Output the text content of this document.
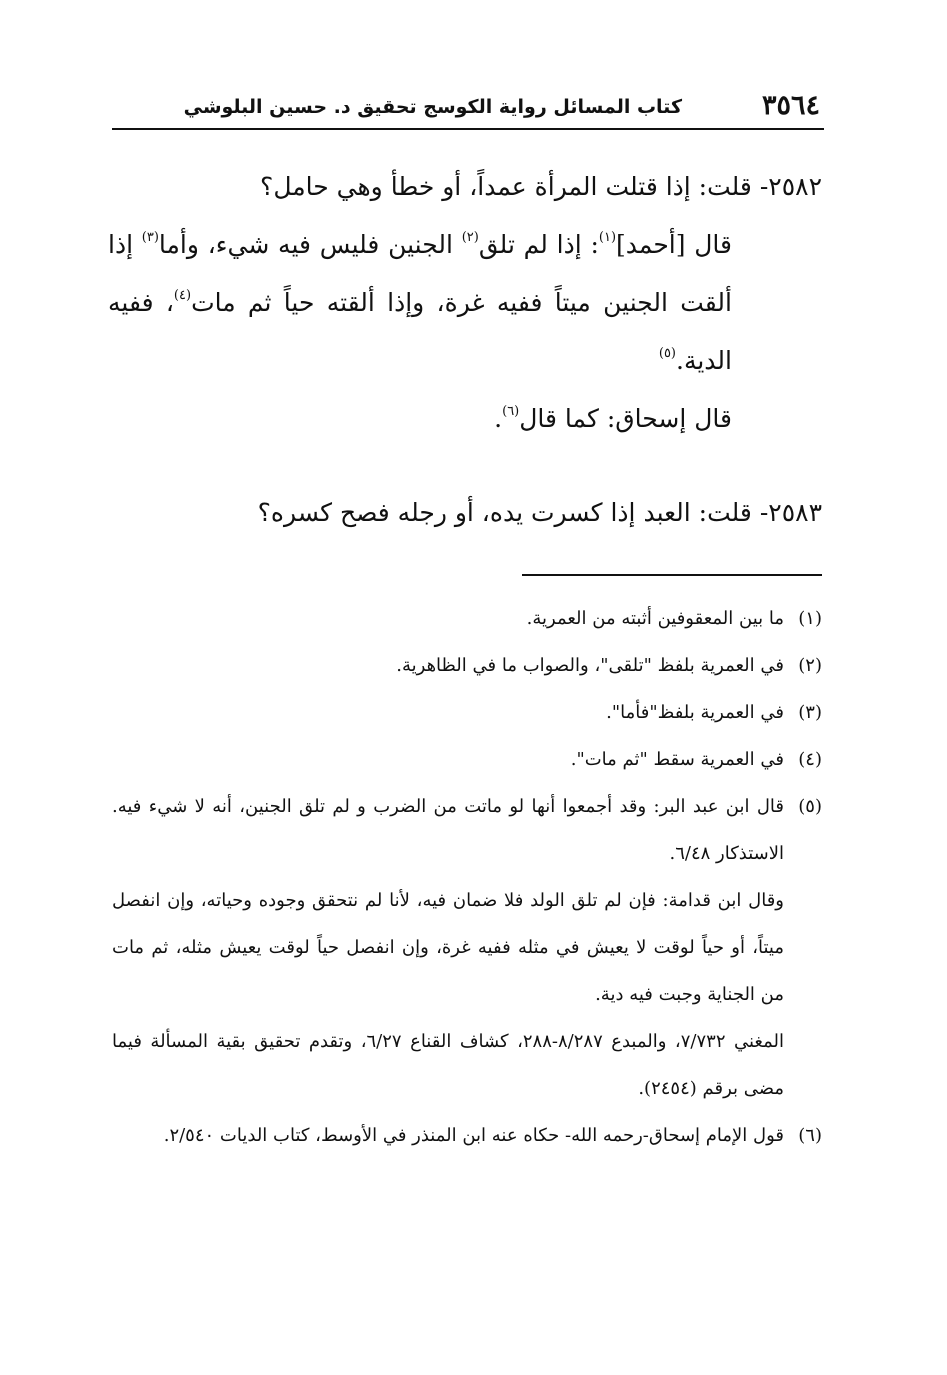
٣٥٦٤
كتاب المسائل رواية الكوسج تحقيق د. حسين البلوشي
٢٥٨٢- قلت: إذا قتلت المرأة عمداً، أو خطأ وهي حامل؟
قال [أحمد]$^{(١)}$: إذا لم تلق$^{(٢)}$ الجنين فليس فيه شيء، وأما$^{(٣)}$ إذا ألقت الجنين ميتاً ففيه غرة، وإذا ألقته حياً ثم مات$^{(٤)}$، ففيه الدية.$^{(٥)}$
قال إسحاق: كما قال$^{(٦)}$.
٢٥٨٣- قلت: العبد إذا كسرت يده، أو رجله فصح كسره؟
(١)
ما بين المعقوفين أثبته من العمرية.
(٢)
في العمرية بلفظ "تلقى"، والصواب ما في الظاهرية.
(٣)
في العمرية بلفظ"فأما".
(٤)
في العمرية سقط "ثم مات".
(٥)
قال ابن عبد البر: وقد أجمعوا أنها لو ماتت من الضرب و لم تلق الجنين، أنه لا شيء فيه. الاستذكار ٦/٤٨.
وقال ابن قدامة: فإن لم تلق الولد فلا ضمان فيه، لأنا لم نتحقق وجوده وحياته، وإن انفصل ميتاً، أو حياً لوقت لا يعيش في مثله ففيه غرة، وإن انفصل حياً لوقت يعيش مثله، ثم مات من الجناية وجبت فيه دية.
المغني ٧/٧٣٢، والمبدع ٨/٢٨٧-٢٨٨، كشاف القناع ٦/٢٧، وتقدم تحقيق بقية المسألة فيما مضى برقم (٢٤٥٤).
(٦)
قول الإمام إسحاق-رحمه الله- حكاه عنه ابن المنذر في الأوسط، كتاب الديات ٢/٥٤٠.
